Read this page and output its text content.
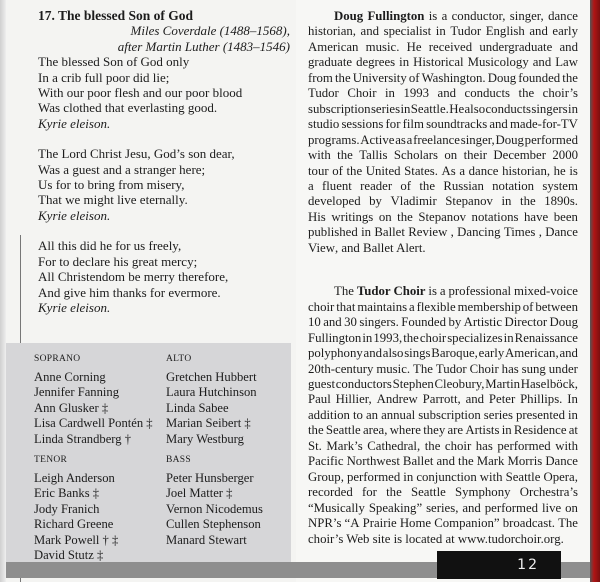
17. The blessed Son of God
Miles Coverdale (1488–1568),
after Martin Luther (1483–1546)
The blessed Son of God only
In a crib full poor did lie;
With our poor flesh and our poor blood
Was clothed that everlasting good.
Kyrie eleison.
The Lord Christ Jesu, God’s son dear,
Was a guest and a stranger here;
Us for to bring from misery,
That we might live eternally.
Kyrie eleison.
All this did he for us freely,
For to declare his great mercy;
All Christendom be merry therefore,
And give him thanks for evermore.
Kyrie eleison.
SOPRANO
Anne Corning
Jennifer Fanning
Ann Glusker ‡
Lisa Cardwell Pontén ‡
Linda Strandberg †
TENOR
Leigh Anderson
Eric Banks ‡
Jody Franich
Richard Greene
Mark Powell † ‡
David Stutz ‡
ALTO
Gretchen Hubbert
Laura Hutchinson
Linda Sabee
Marian Seibert ‡
Mary Westburg
BASS
Peter Hunsberger
Joel Matter ‡
Vernon Nicodemus
Cullen Stephenson
Manard Stewart
Doug Fullington is a conductor, singer, dance
historian, and specialist in Tudor English and early
American music. He received undergraduate and
graduate degrees in Historical Musicology and Law
from the University of Washington. Doug founded the
Tudor Choir in 1993 and conducts the choir’s
subscription series in Seattle. He also conducts singers in
studio sessions for film soundtracks and made-for-TV
programs. Active as a freelance singer, Doug performed
with the Tallis Scholars on their December 2000
tour of the United States. As a dance historian, he is
a fluent reader of the Russian notation system
developed by Vladimir Stepanov in the 1890s.
His writings on the Stepanov notations have been
published in Ballet Review , Dancing Times , Dance
View , and Ballet Alert .
The Tudor Choir is a professional mixed-voice
choir that maintains a flexible membership of between
10 and 30 singers. Founded by Artistic Director Doug
Fullington in 1993, the choir specializes in Renaissance
polyphony and also sings Baroque, early American, and
20th-century music. The Tudor Choir has sung under
guest conductors Stephen Cleobury, Martin Haselböck,
Paul Hillier, Andrew Parrott, and Peter Phillips. In
addition to an annual subscription series presented in
the Seattle area, where they are Artists in Residence at
St. Mark’s Cathedral, the choir has performed with
Pacific Northwest Ballet and the Mark Morris Dance
Group, performed in conjunction with Seattle Opera,
recorded for the Seattle Symphony Orchestra’s
“Musically Speaking” series, and performed live on
NPR’s “A Prairie Home Companion” broadcast. The
choir’s Web site is located at www.tudorchoir.org .
12
